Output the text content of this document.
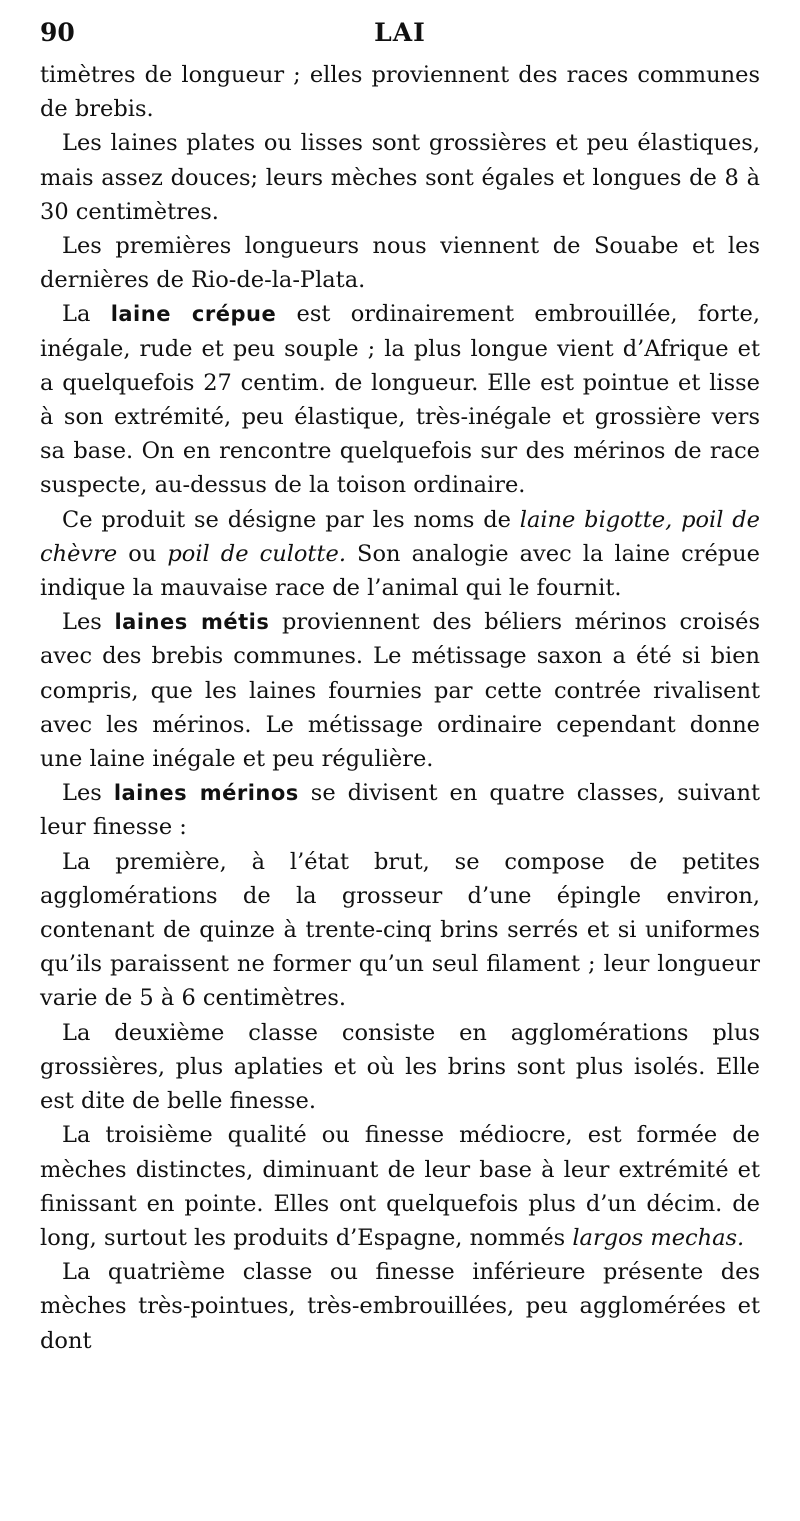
90	LAI

timètres de longueur ; elles proviennent des races communes de brebis.

Les laines plates ou lisses sont grossières et peu élastiques, mais assez douces; leurs mèches sont égales et longues de 8 à 30 centimètres.

Les premières longueurs nous viennent de Souabe et les dernières de Rio-de-la-Plata.

La laine crépue est ordinairement embrouillée, forte, inégale, rude et peu souple ; la plus longue vient d’Afrique et a quelquefois 27 centim. de longueur. Elle est pointue et lisse à son extrémité, peu élastique, très-inégale et grossière vers sa base. On en rencontre quelquefois sur des mérinos de race suspecte, au-dessus de la toison ordinaire.

Ce produit se désigne par les noms de laine bigotte, poil de chèvre ou poil de culotte. Son analogie avec la laine crépue indique la mauvaise race de l’animal qui le fournit.

Les laines métis proviennent des béliers mérinos croisés avec des brebis communes. Le métissage saxon a été si bien compris, que les laines fournies par cette contrée rivalisent avec les mérinos. Le métissage ordinaire cependant donne une laine inégale et peu régulière.

Les laines mérinos se divisent en quatre classes, suivant leur finesse :

La première, à l’état brut, se compose de petites agglomérations de la grosseur d’une épingle environ, contenant de quinze à trente-cinq brins serrés et si uniformes qu’ils paraissent ne former qu’un seul filament ; leur longueur varie de 5 à 6 centimètres.

La deuxième classe consiste en agglomérations plus grossières, plus aplaties et où les brins sont plus isolés. Elle est dite de belle finesse.

La troisième qualité ou finesse médiocre, est formée de mèches distinctes, diminuant de leur base à leur extrémité et finissant en pointe. Elles ont quelquefois plus d’un décim. de long, surtout les produits d’Espagne, nommés largos mechas.

La quatrième classe ou finesse inférieure présente des mèches très-pointues, très-embrouillées, peu agglomérées et dont
